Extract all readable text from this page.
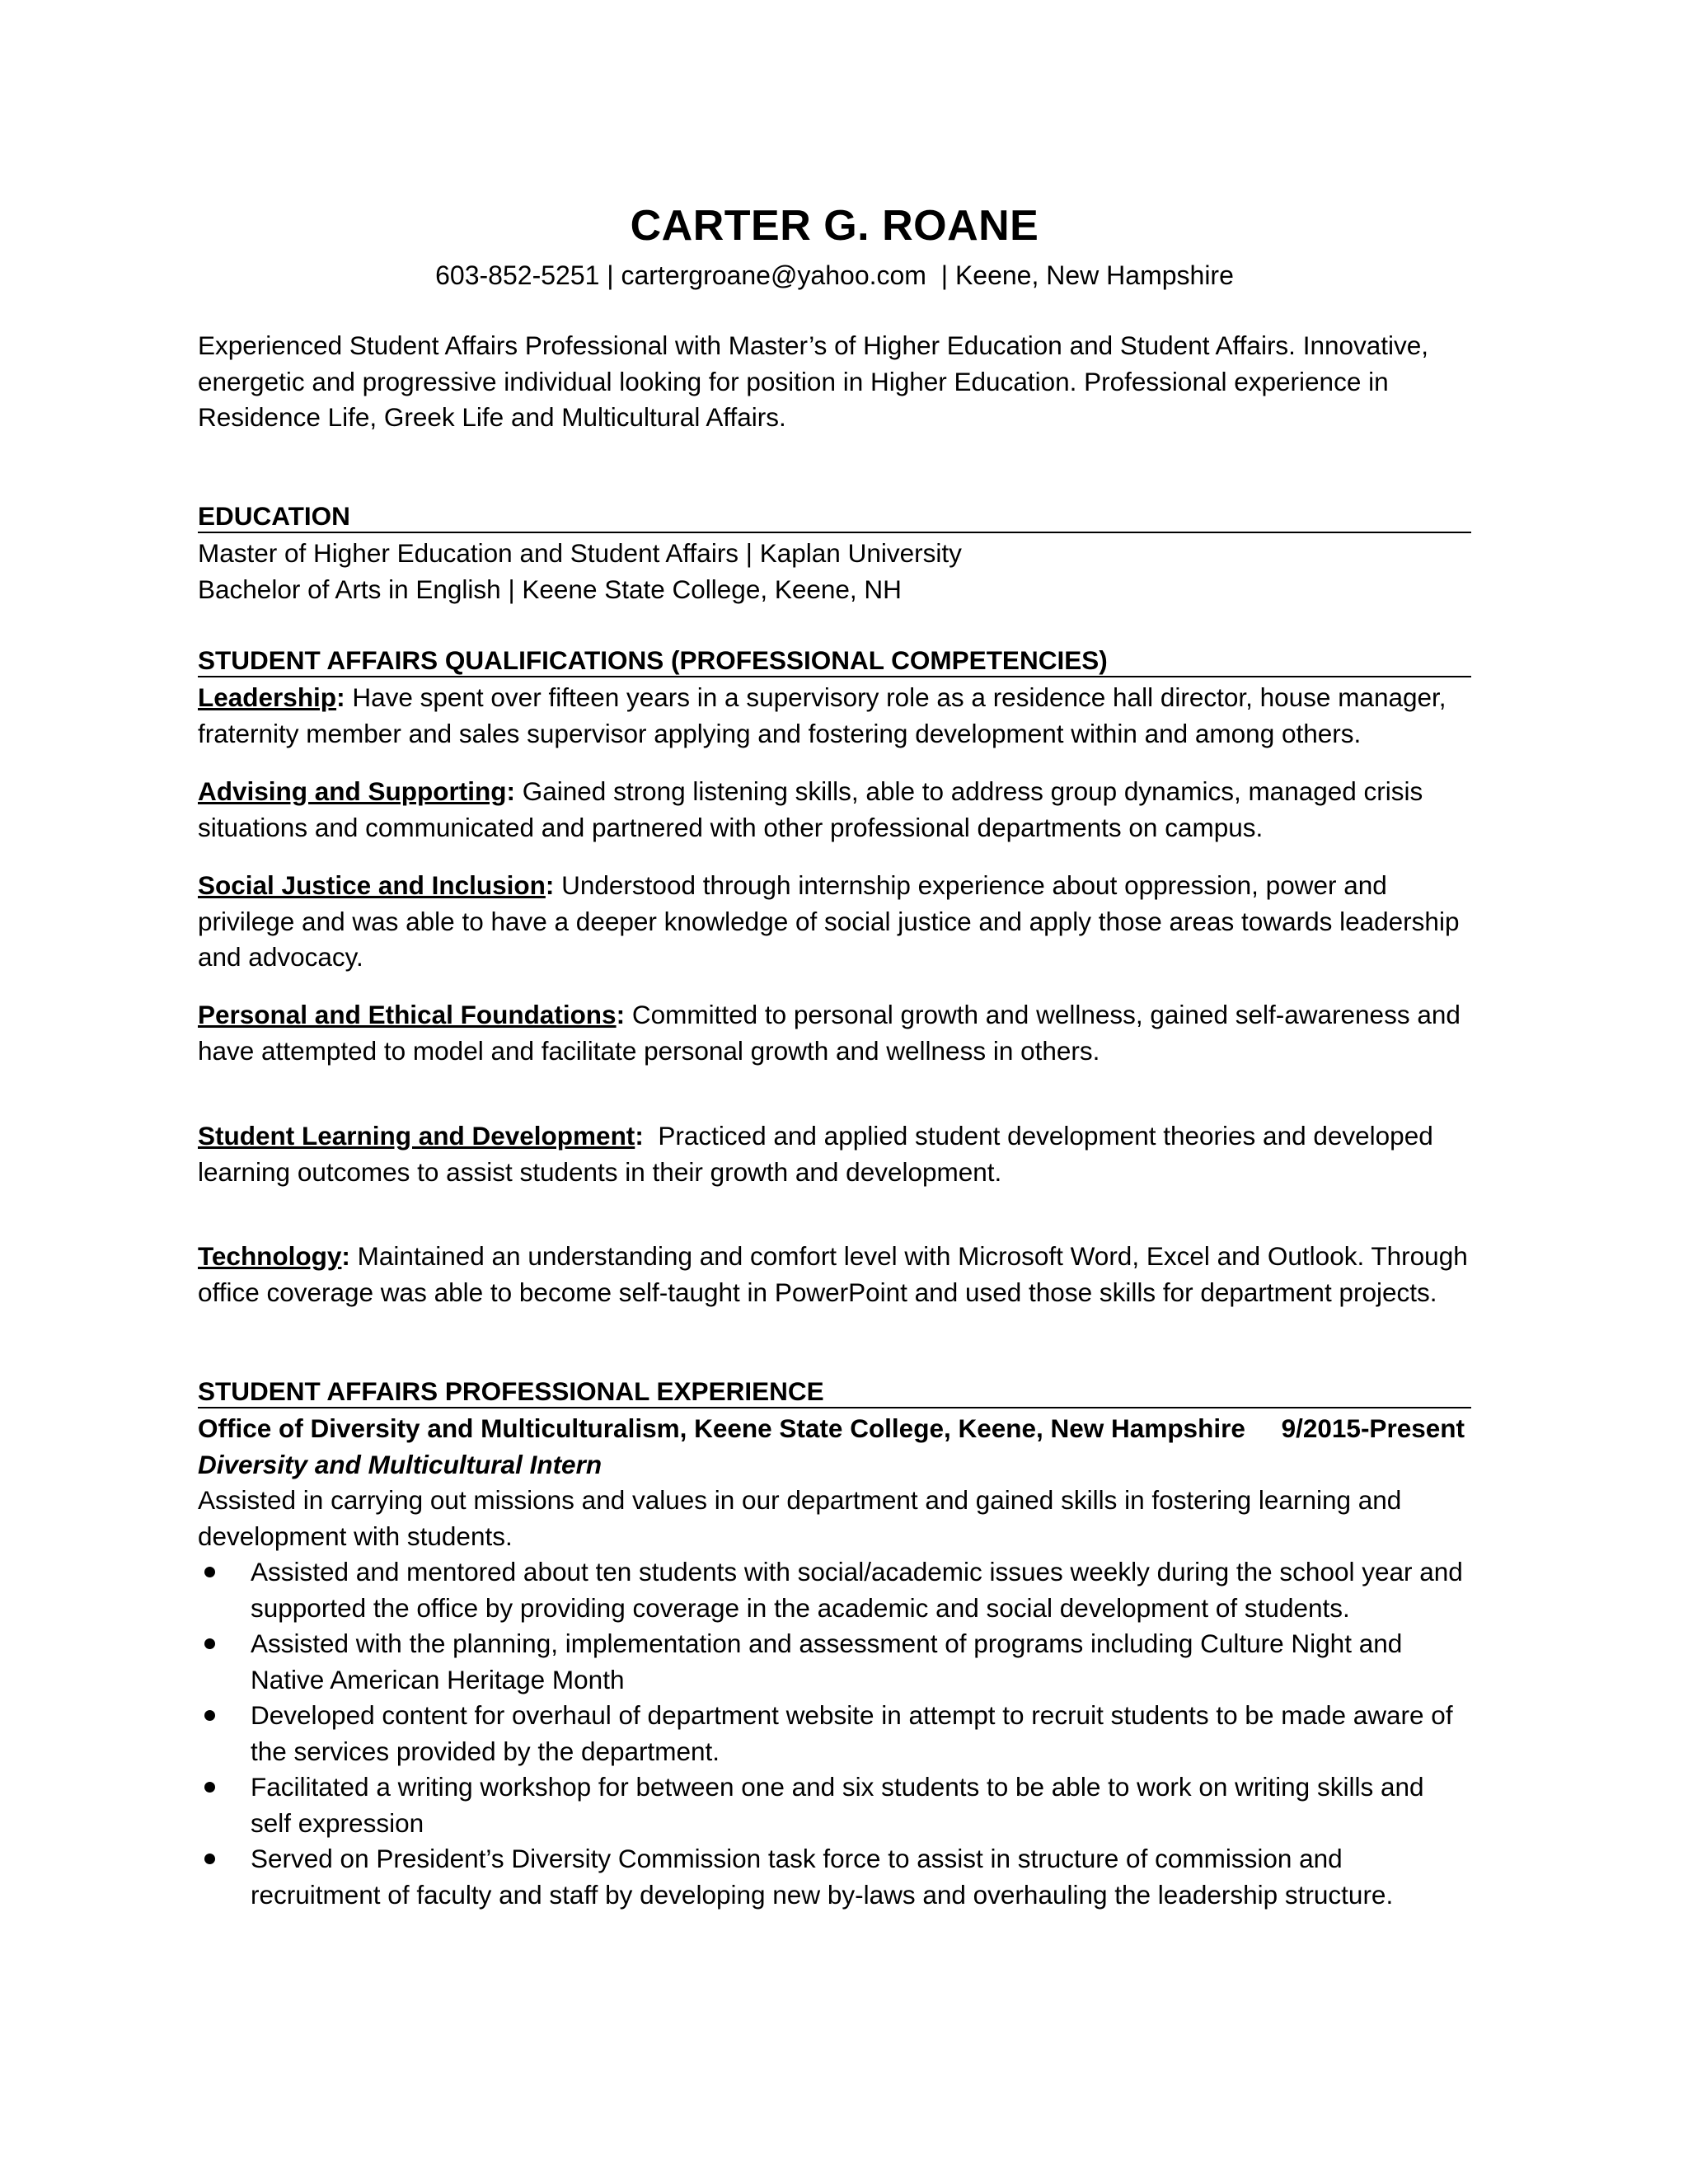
CARTER G. ROANE
603-852-5251 | cartergroane@yahoo.com  | Keene, New Hampshire
Experienced Student Affairs Professional with Master’s of Higher Education and Student Affairs. Innovative, energetic and progressive individual looking for position in Higher Education. Professional experience in Residence Life, Greek Life and Multicultural Affairs.
EDUCATION
Master of Higher Education and Student Affairs | Kaplan University
Bachelor of Arts in English | Keene State College, Keene, NH
STUDENT AFFAIRS QUALIFICATIONS (PROFESSIONAL COMPETENCIES)
Leadership: Have spent over fifteen years in a supervisory role as a residence hall director, house manager, fraternity member and sales supervisor applying and fostering development within and among others.
Advising and Supporting: Gained strong listening skills, able to address group dynamics, managed crisis situations and communicated and partnered with other professional departments on campus.
Social Justice and Inclusion: Understood through internship experience about oppression, power and privilege and was able to have a deeper knowledge of social justice and apply those areas towards leadership and advocacy.
Personal and Ethical Foundations: Committed to personal growth and wellness, gained self-awareness and have attempted to model and facilitate personal growth and wellness in others.
Student Learning and Development:  Practiced and applied student development theories and developed learning outcomes to assist students in their growth and development.
Technology: Maintained an understanding and comfort level with Microsoft Word, Excel and Outlook. Through office coverage was able to become self-taught in PowerPoint and used those skills for department projects.
STUDENT AFFAIRS PROFESSIONAL EXPERIENCE
Office of Diversity and Multiculturalism, Keene State College, Keene, New Hampshire 9/2015-Present
Diversity and Multicultural Intern
Assisted in carrying out missions and values in our department and gained skills in fostering learning and development with students.
Assisted and mentored about ten students with social/academic issues weekly during the school year and supported the office by providing coverage in the academic and social development of students.
Assisted with the planning, implementation and assessment of programs including Culture Night and Native American Heritage Month
Developed content for overhaul of department website in attempt to recruit students to be made aware of the services provided by the department.
Facilitated a writing workshop for between one and six students to be able to work on writing skills and self expression
Served on President’s Diversity Commission task force to assist in structure of commission and recruitment of faculty and staff by developing new by-laws and overhauling the leadership structure.
